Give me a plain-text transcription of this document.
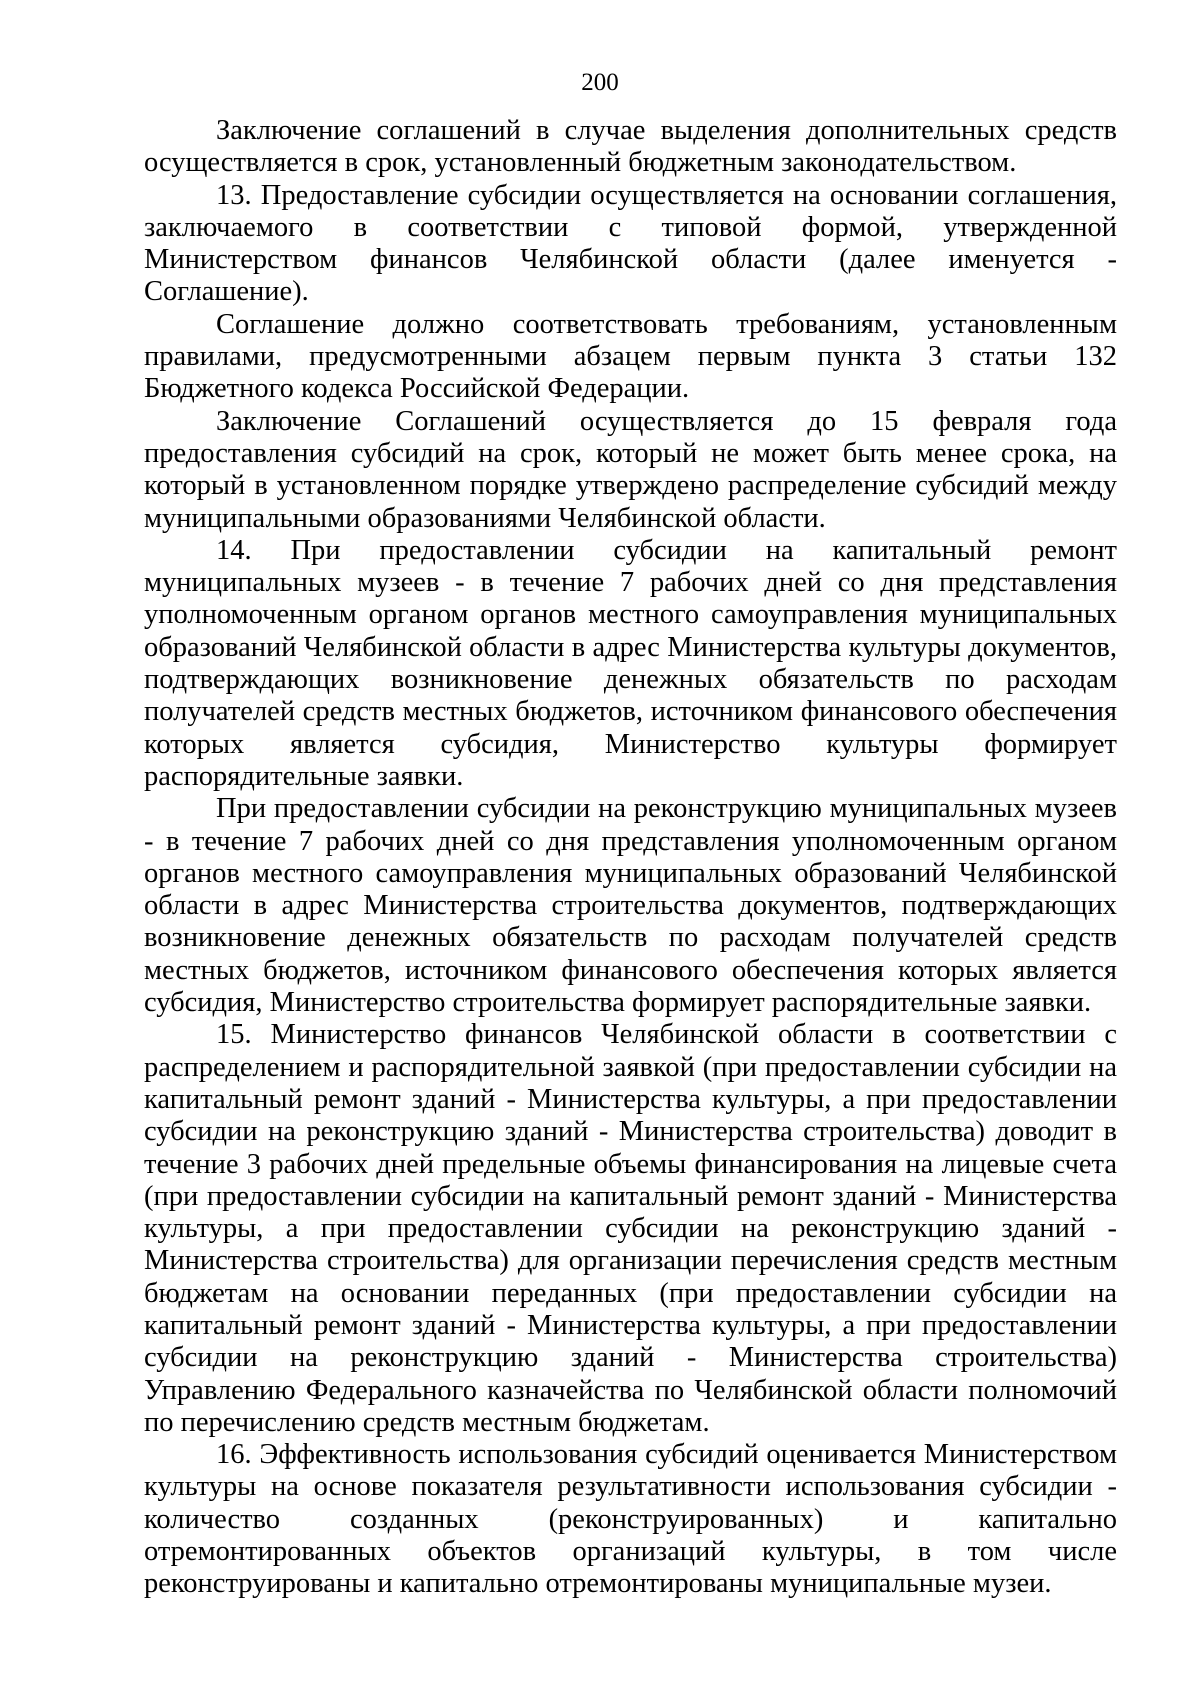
200

Заключение соглашений в случае выделения дополнительных средств осуществляется в срок, установленный бюджетным законодательством.

13. Предоставление субсидии осуществляется на основании соглашения, заключаемого в соответствии с типовой формой, утвержденной Министерством финансов Челябинской области (далее именуется - Соглашение).

Соглашение должно соответствовать требованиям, установленным правилами, предусмотренными абзацем первым пункта 3 статьи 132 Бюджетного кодекса Российской Федерации.

Заключение Соглашений осуществляется до 15 февраля года предоставления субсидий на срок, который не может быть менее срока, на который в установленном порядке утверждено распределение субсидий между муниципальными образованиями Челябинской области.

14. При предоставлении субсидии на капитальный ремонт муниципальных музеев - в течение 7 рабочих дней со дня представления уполномоченным органом органов местного самоуправления муниципальных образований Челябинской области в адрес Министерства культуры документов, подтверждающих возникновение денежных обязательств по расходам получателей средств местных бюджетов, источником финансового обеспечения которых является субсидия, Министерство культуры формирует распорядительные заявки.

При предоставлении субсидии на реконструкцию муниципальных музеев - в течение 7 рабочих дней со дня представления уполномоченным органом органов местного самоуправления муниципальных образований Челябинской области в адрес Министерства строительства документов, подтверждающих возникновение денежных обязательств по расходам получателей средств местных бюджетов, источником финансового обеспечения которых является субсидия, Министерство строительства формирует распорядительные заявки.

15. Министерство финансов Челябинской области в соответствии с распределением и распорядительной заявкой (при предоставлении субсидии на капитальный ремонт зданий - Министерства культуры, а при предоставлении субсидии на реконструкцию зданий - Министерства строительства) доводит в течение 3 рабочих дней предельные объемы финансирования на лицевые счета (при предоставлении субсидии на капитальный ремонт зданий - Министерства культуры, а при предоставлении субсидии на реконструкцию зданий - Министерства строительства) для организации перечисления средств местным бюджетам на основании переданных (при предоставлении субсидии на капитальный ремонт зданий - Министерства культуры, а при предоставлении субсидии на реконструкцию зданий - Министерства строительства) Управлению Федерального казначейства по Челябинской области полномочий по перечислению средств местным бюджетам.

16. Эффективность использования субсидий оценивается Министерством культуры на основе показателя результативности использования субсидии - количество созданных (реконструированных) и капитально отремонтированных объектов организаций культуры, в том числе реконструированы и капитально отремонтированы муниципальные музеи.
